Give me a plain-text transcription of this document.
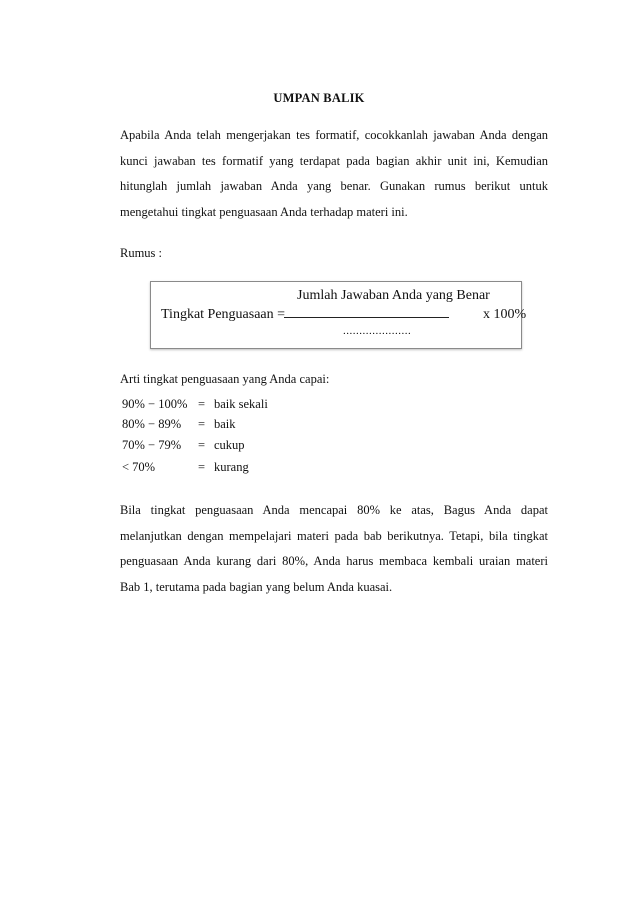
UMPAN BALIK
Apabila Anda telah mengerjakan tes formatif, cocokkanlah jawaban Anda dengan
kunci jawaban tes formatif yang terdapat pada bagian akhir unit ini, Kemudian
hitunglah jumlah jawaban Anda yang benar. Gunakan rumus berikut untuk
mengetahui tingkat penguasaan Anda terhadap materi ini.
Rumus :
Tingkat Penguasaan =
Jumlah Jawaban Anda yang Benar
.....................
x 100%
Arti tingkat penguasaan yang Anda capai:
90% − 100% = baik sekali
80% − 89% = baik
70% − 79% = cukup
< 70%	= kurang
Bila tingkat penguasaan Anda mencapai 80% ke atas, Bagus Anda dapat
melanjutkan dengan mempelajari materi pada bab berikutnya. Tetapi, bila tingkat
penguasaan Anda kurang dari 80%, Anda harus membaca kembali uraian materi
Bab 1, terutama pada bagian yang belum Anda kuasai.
